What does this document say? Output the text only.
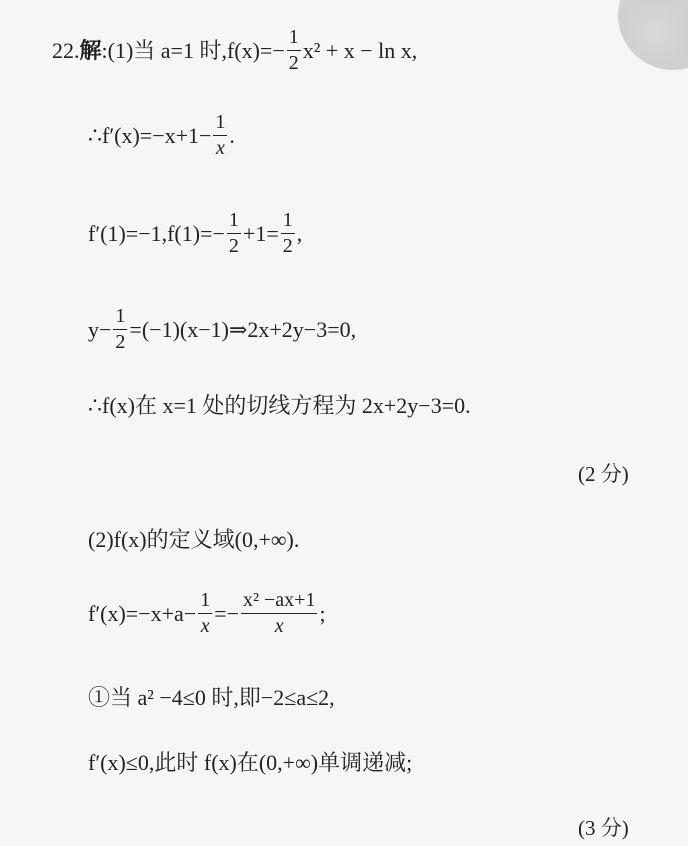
22.解:(1)当 a=1 时$,f(x)=- \frac{1}{2} x^2 + x - \ln x$,
∴f′(x)=−x+1− $\frac{1}{x}$ .
$f'(1)=-1,f(1)=- \frac{1}{2} +1= \frac{1}{2}$ ,
$y- \frac{1}{2}$ =(−1)(x−1)⇒2x+2y−3=0,
∴f(x)在 x=1 处的切线方程为 2x+2y−3=0.
(2 分)
(2)f(x)的定义域(0,+∞).
$f'(x)=-x+a- \frac{1}{x} =- \frac{\text{x² −ax+1}}{x}$ ;
①当 a² −4≤0 时,即−2≤a≤2,
f′(x)≤0,此时 f(x)在(0,+∞)单调递减;
(3 分)
